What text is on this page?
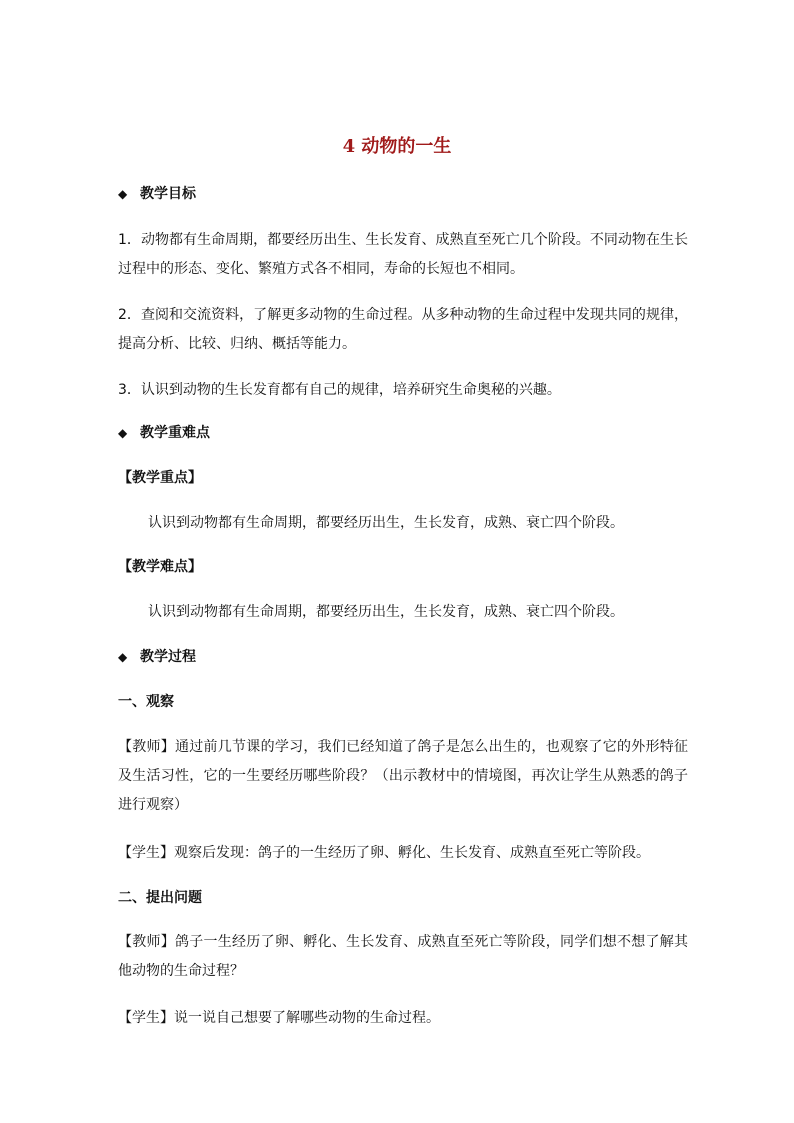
4 动物的一生
◆ 教学目标
1．动物都有生命周期，都要经历出生、生长发育、成熟直至死亡几个阶段。不同动物在生长过程中的形态、变化、繁殖方式各不相同，寿命的长短也不相同。
2．查阅和交流资料，了解更多动物的生命过程。从多种动物的生命过程中发现共同的规律，提高分析、比较、归纳、概括等能力。
3．认识到动物的生长发育都有自己的规律，培养研究生命奥秘的兴趣。
◆ 教学重难点
【教学重点】
认识到动物都有生命周期，都要经历出生，生长发育，成熟、衰亡四个阶段。
【教学难点】
认识到动物都有生命周期，都要经历出生，生长发育，成熟、衰亡四个阶段。
◆ 教学过程
一、观察
【教师】通过前几节课的学习，我们已经知道了鸽子是怎么出生的，也观察了它的外形特征及生活习性，它的一生要经历哪些阶段？（出示教材中的情境图，再次让学生从熟悉的鸽子进行观察）
【学生】观察后发现：鸽子的一生经历了卵、孵化、生长发育、成熟直至死亡等阶段。
二、提出问题
【教师】鸽子一生经历了卵、孵化、生长发育、成熟直至死亡等阶段，同学们想不想了解其他动物的生命过程？
【学生】说一说自己想要了解哪些动物的生命过程。
